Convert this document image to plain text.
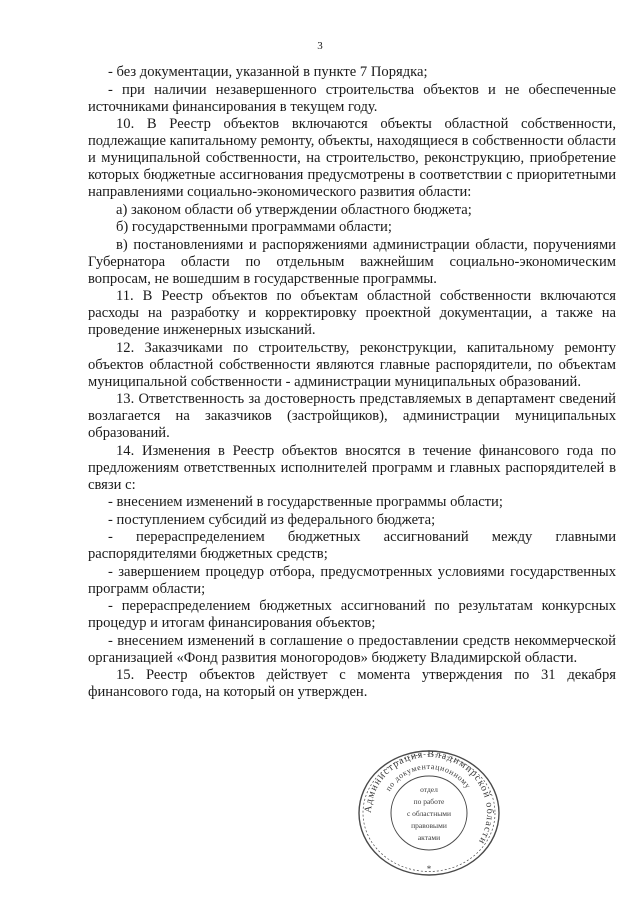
3

- без документации, указанной в пункте 7 Порядка;

- при наличии незавершенного строительства объектов и не обеспеченные источниками финансирования в текущем году.

10. В Реестр объектов включаются объекты областной собственности, подлежащие капитальному ремонту, объекты, находящиеся в собственности области и муниципальной собственности, на строительство, реконструкцию, приобретение которых бюджетные ассигнования предусмотрены в соответствии с приоритетными направлениями социально-экономического развития области:

а) законом области об утверждении областного бюджета;

б) государственными программами области;

в) постановлениями и распоряжениями администрации области, поручениями Губернатора области по отдельным важнейшим социально-экономическим вопросам, не вошедшим в государственные программы.

11. В Реестр объектов по объектам областной собственности включаются расходы на разработку и корректировку проектной документации, а также на проведение инженерных изысканий.

12. Заказчиками по строительству, реконструкции, капитальному ремонту объектов областной собственности являются главные распорядители, по объектам муниципальной собственности - администрации муниципальных образований.

13. Ответственность за достоверность представляемых в департамент сведений возлагается на заказчиков (застройщиков), администрации муниципальных образований.

14. Изменения в Реестр объектов вносятся в течение финансового года по предложениям ответственных исполнителей программ и главных распорядителей в связи с:

- внесением изменений в государственные программы области;

- поступлением субсидий из федерального бюджета;

- перераспределением бюджетных ассигнований между главными распорядителями бюджетных средств;

- завершением процедур отбора, предусмотренных условиями государственных программ области;

- перераспределением бюджетных ассигнований по результатам конкурсных процедур и итогам финансирования объектов;

- внесением изменений в соглашение о предоставлении средств некоммерческой организацией «Фонд развития моногородов» бюджету Владимирской области.

15. Реестр объектов действует с момента утверждения по 31 декабря финансового года, на который он утвержден.

Администрация Владимирской области
по документационному
отдел
по работе
с областными
правовыми
актами
*
